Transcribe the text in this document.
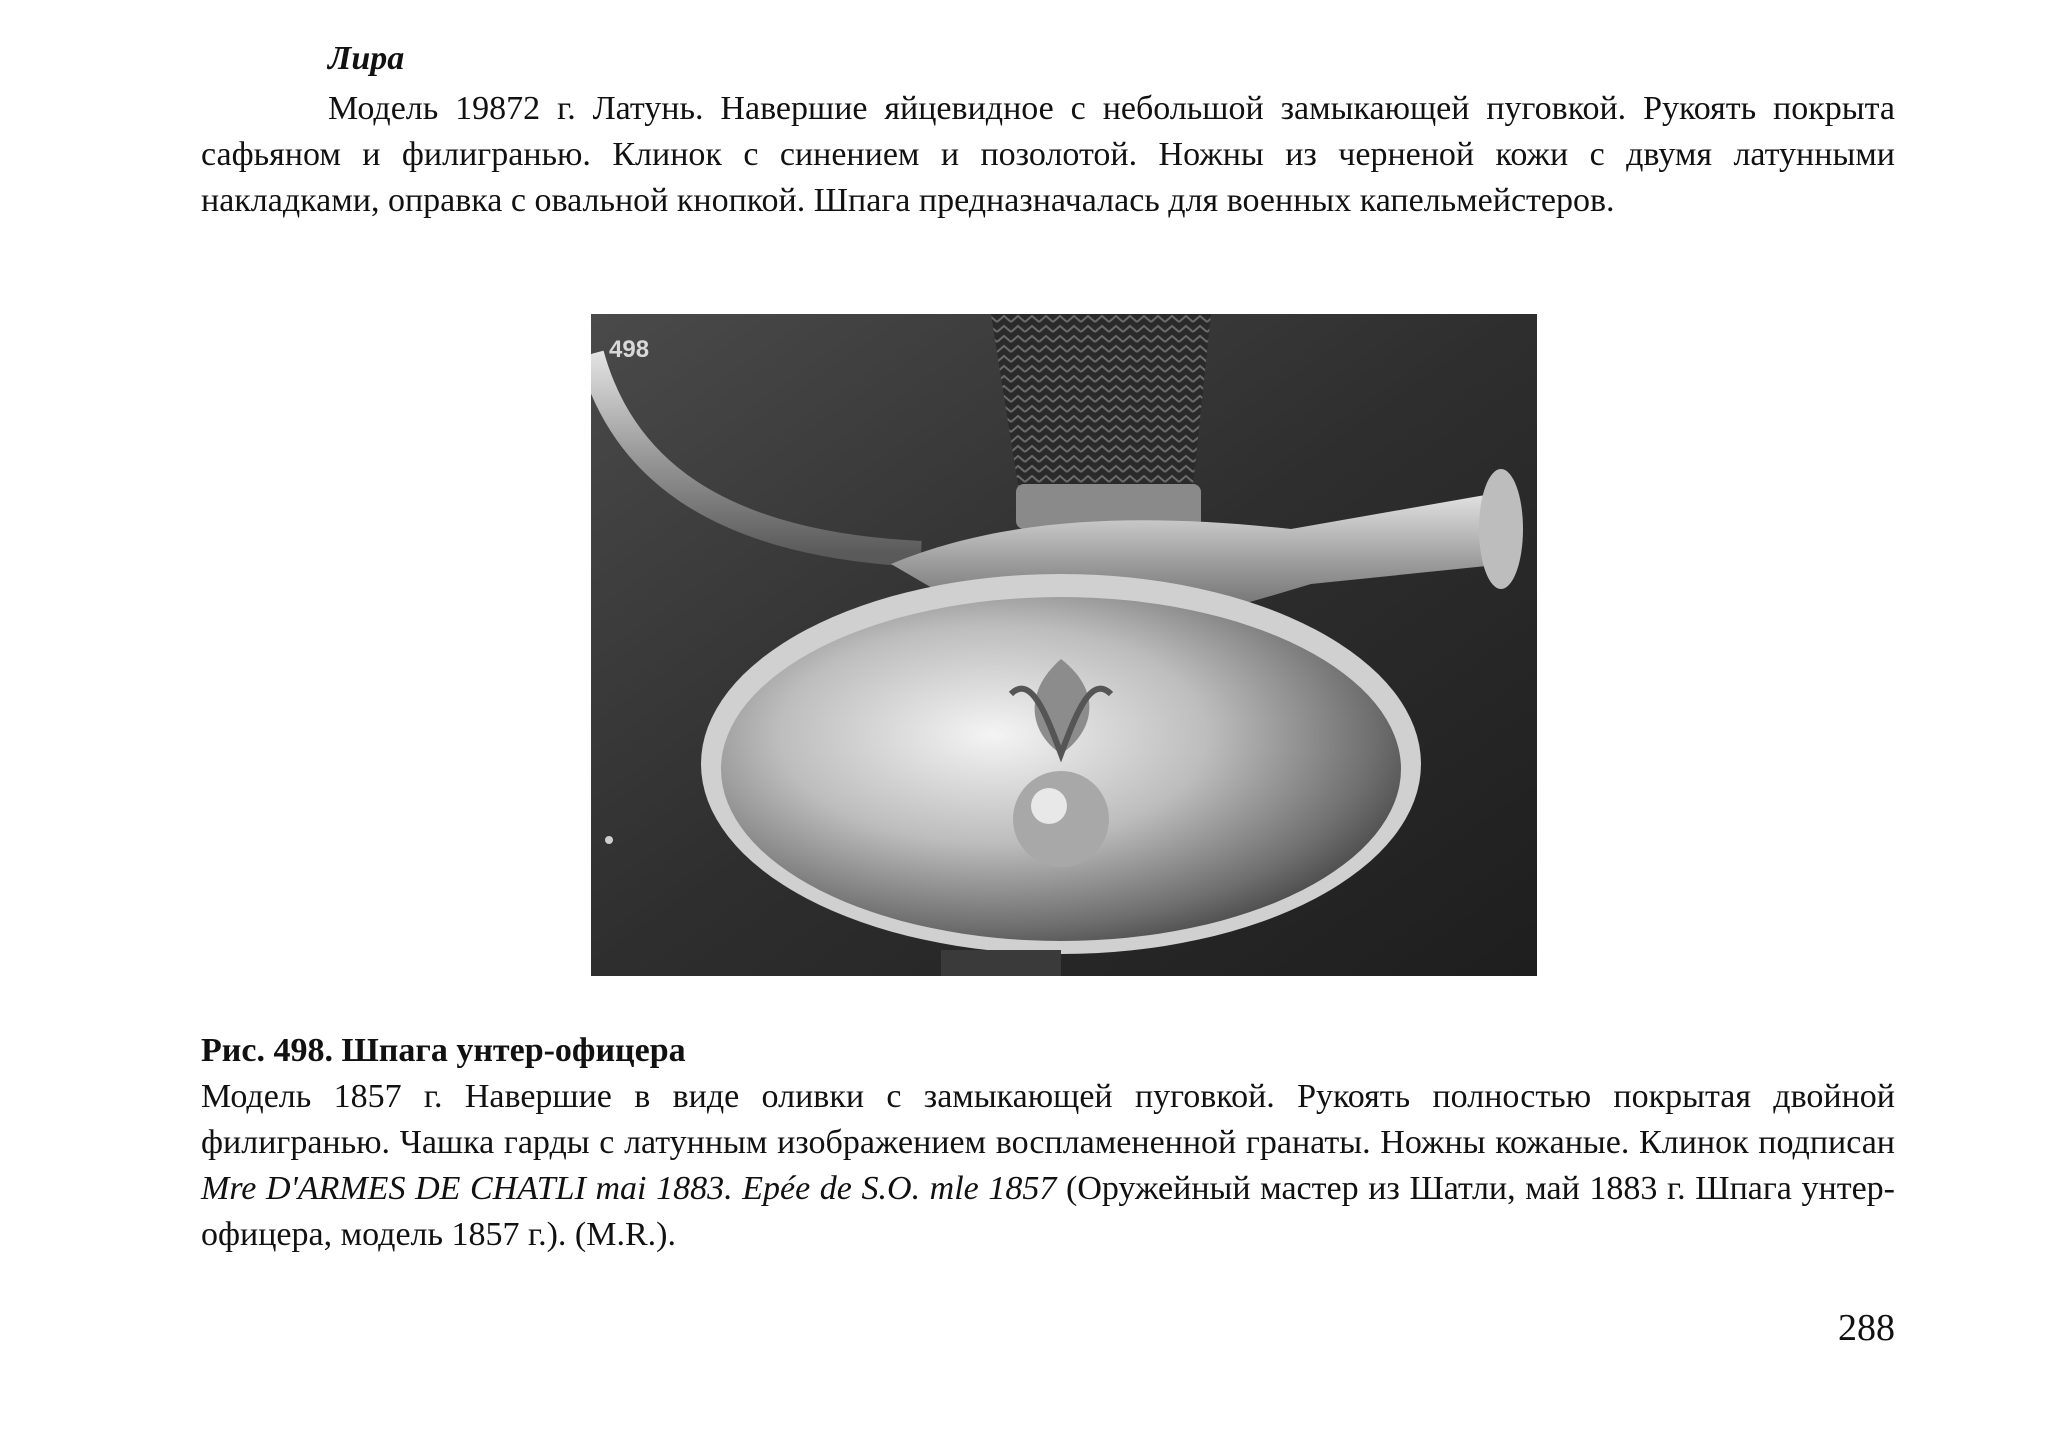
Лира

Модель 19872 г. Латунь. Навершие яйцевидное с небольшой замыкающей пуговкой. Рукоять покрыта сафьяном и филигранью. Клинок с синением и позолотой. Ножны из черненой кожи с двумя латунными накладками, оправка с овальной кнопкой. Шпага предназначалась для военных капельмейстеров.

498

Рис. 498. Шпага унтер-офицера

Модель 1857 г. Навершие в виде оливки с замыкающей пуговкой. Рукоять полностью покрытая двойной филигранью. Чашка гарды с латунным изображением воспламененной гранаты. Ножны кожаные. Клинок подписан Mre D'ARMES DE CHATLI mai 1883. Epée de S.O. mle 1857 (Оружейный мастер из Шатли, май 1883 г. Шпага унтер-офицера, модель 1857 г.). (M.R.).

288
